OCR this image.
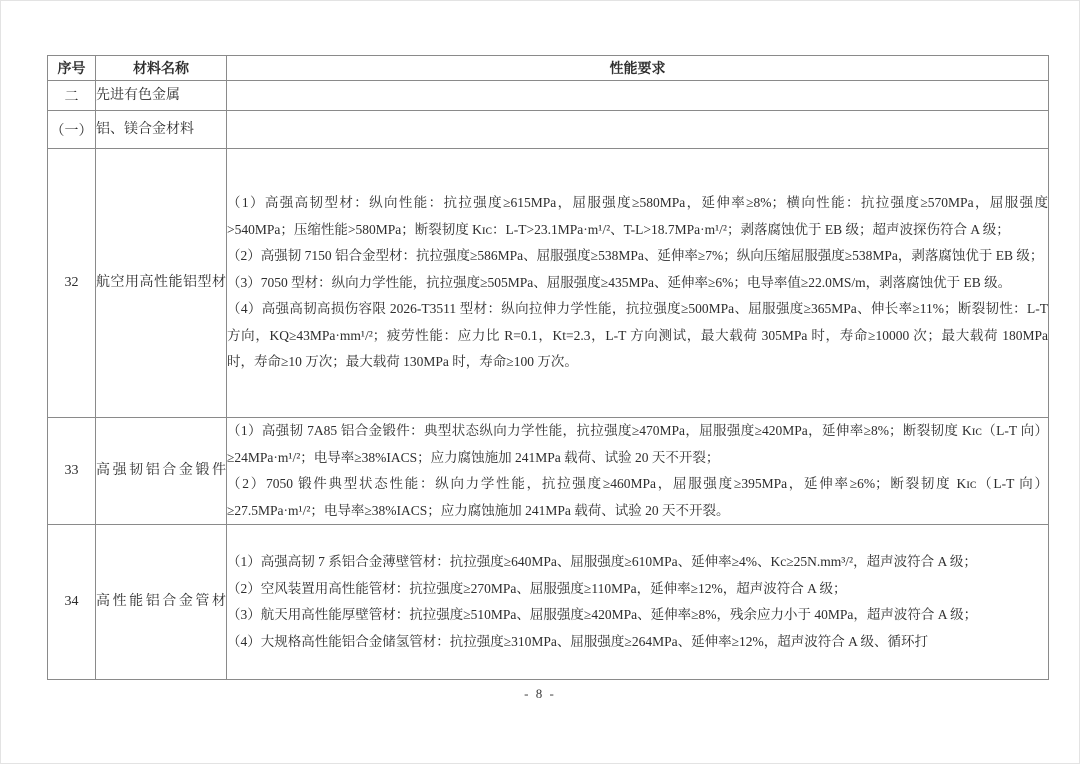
序号	材料名称	性能要求
二	先进有色金属	
（一）	铝、镁合金材料	
32	航空用高性能铝型材	（1）高强高韧型材：纵向性能：抗拉强度≥615MPa，屈服强度≥580MPa，延伸率≥8%；横向性能：抗拉强度≥570MPa，屈服强度>540MPa；压缩性能>580MPa；断裂韧度 Kɪᴄ：L-T>23.1MPa·m¹/²、T-L>18.7MPa·m¹/²；剥落腐蚀优于 EB 级；超声波探伤符合 A 级；

（2）高强韧 7150 铝合金型材：抗拉强度≥586MPa、屈服强度≥538MPa、延伸率≥7%；纵向压缩屈服强度≥538MPa，剥落腐蚀优于 EB 级；

（3）7050 型材：纵向力学性能，抗拉强度≥505MPa、屈服强度≥435MPa、延伸率≥6%；电导率值≥22.0MS/m，剥落腐蚀优于 EB 级。

（4）高强高韧高损伤容限 2026-T3511 型材：纵向拉伸力学性能，抗拉强度≥500MPa、屈服强度≥365MPa、伸长率≥11%；断裂韧性：L-T 方向，KQ≥43MPa·mm¹/²；疲劳性能：应力比 R=0.1，Kt=2.3，L-T 方向测试，最大载荷 305MPa 时，寿命≥10000 次；最大载荷 180MPa 时，寿命≥10 万次；最大载荷 130MPa 时，寿命≥100 万次。

33	高强韧铝合金锻件	（1）高强韧 7A85 铝合金锻件：典型状态纵向力学性能，抗拉强度≥470MPa，屈服强度≥420MPa，延伸率≥8%；断裂韧度 Kɪᴄ（L-T 向）≥24MPa·m¹/²；电导率≥38%IACS；应力腐蚀施加 241MPa 载荷、试验 20 天不开裂；

（2）7050 锻件典型状态性能：纵向力学性能，抗拉强度≥460MPa，屈服强度≥395MPa，延伸率≥6%；断裂韧度 Kɪᴄ（L-T 向）≥27.5MPa·m¹/²；电导率≥38%IACS；应力腐蚀施加 241MPa 载荷、试验 20 天不开裂。

34	高性能铝合金管材	（1）高强高韧 7 系铝合金薄壁管材：抗拉强度≥640MPa、屈服强度≥610MPa、延伸率≥4%、Kc≥25N.mm³/²，超声波符合 A 级；

（2）空风装置用高性能管材：抗拉强度≥270MPa、屈服强度≥110MPa，延伸率≥12%，超声波符合 A 级；

（3）航天用高性能厚壁管材：抗拉强度≥510MPa、屈服强度≥420MPa、延伸率≥8%，残余应力小于 40MPa，超声波符合 A 级；

（4）大规格高性能铝合金储氢管材：抗拉强度≥310MPa、屈服强度≥264MPa、延伸率≥12%，超声波符合 A 级、循环打

- 8 -
